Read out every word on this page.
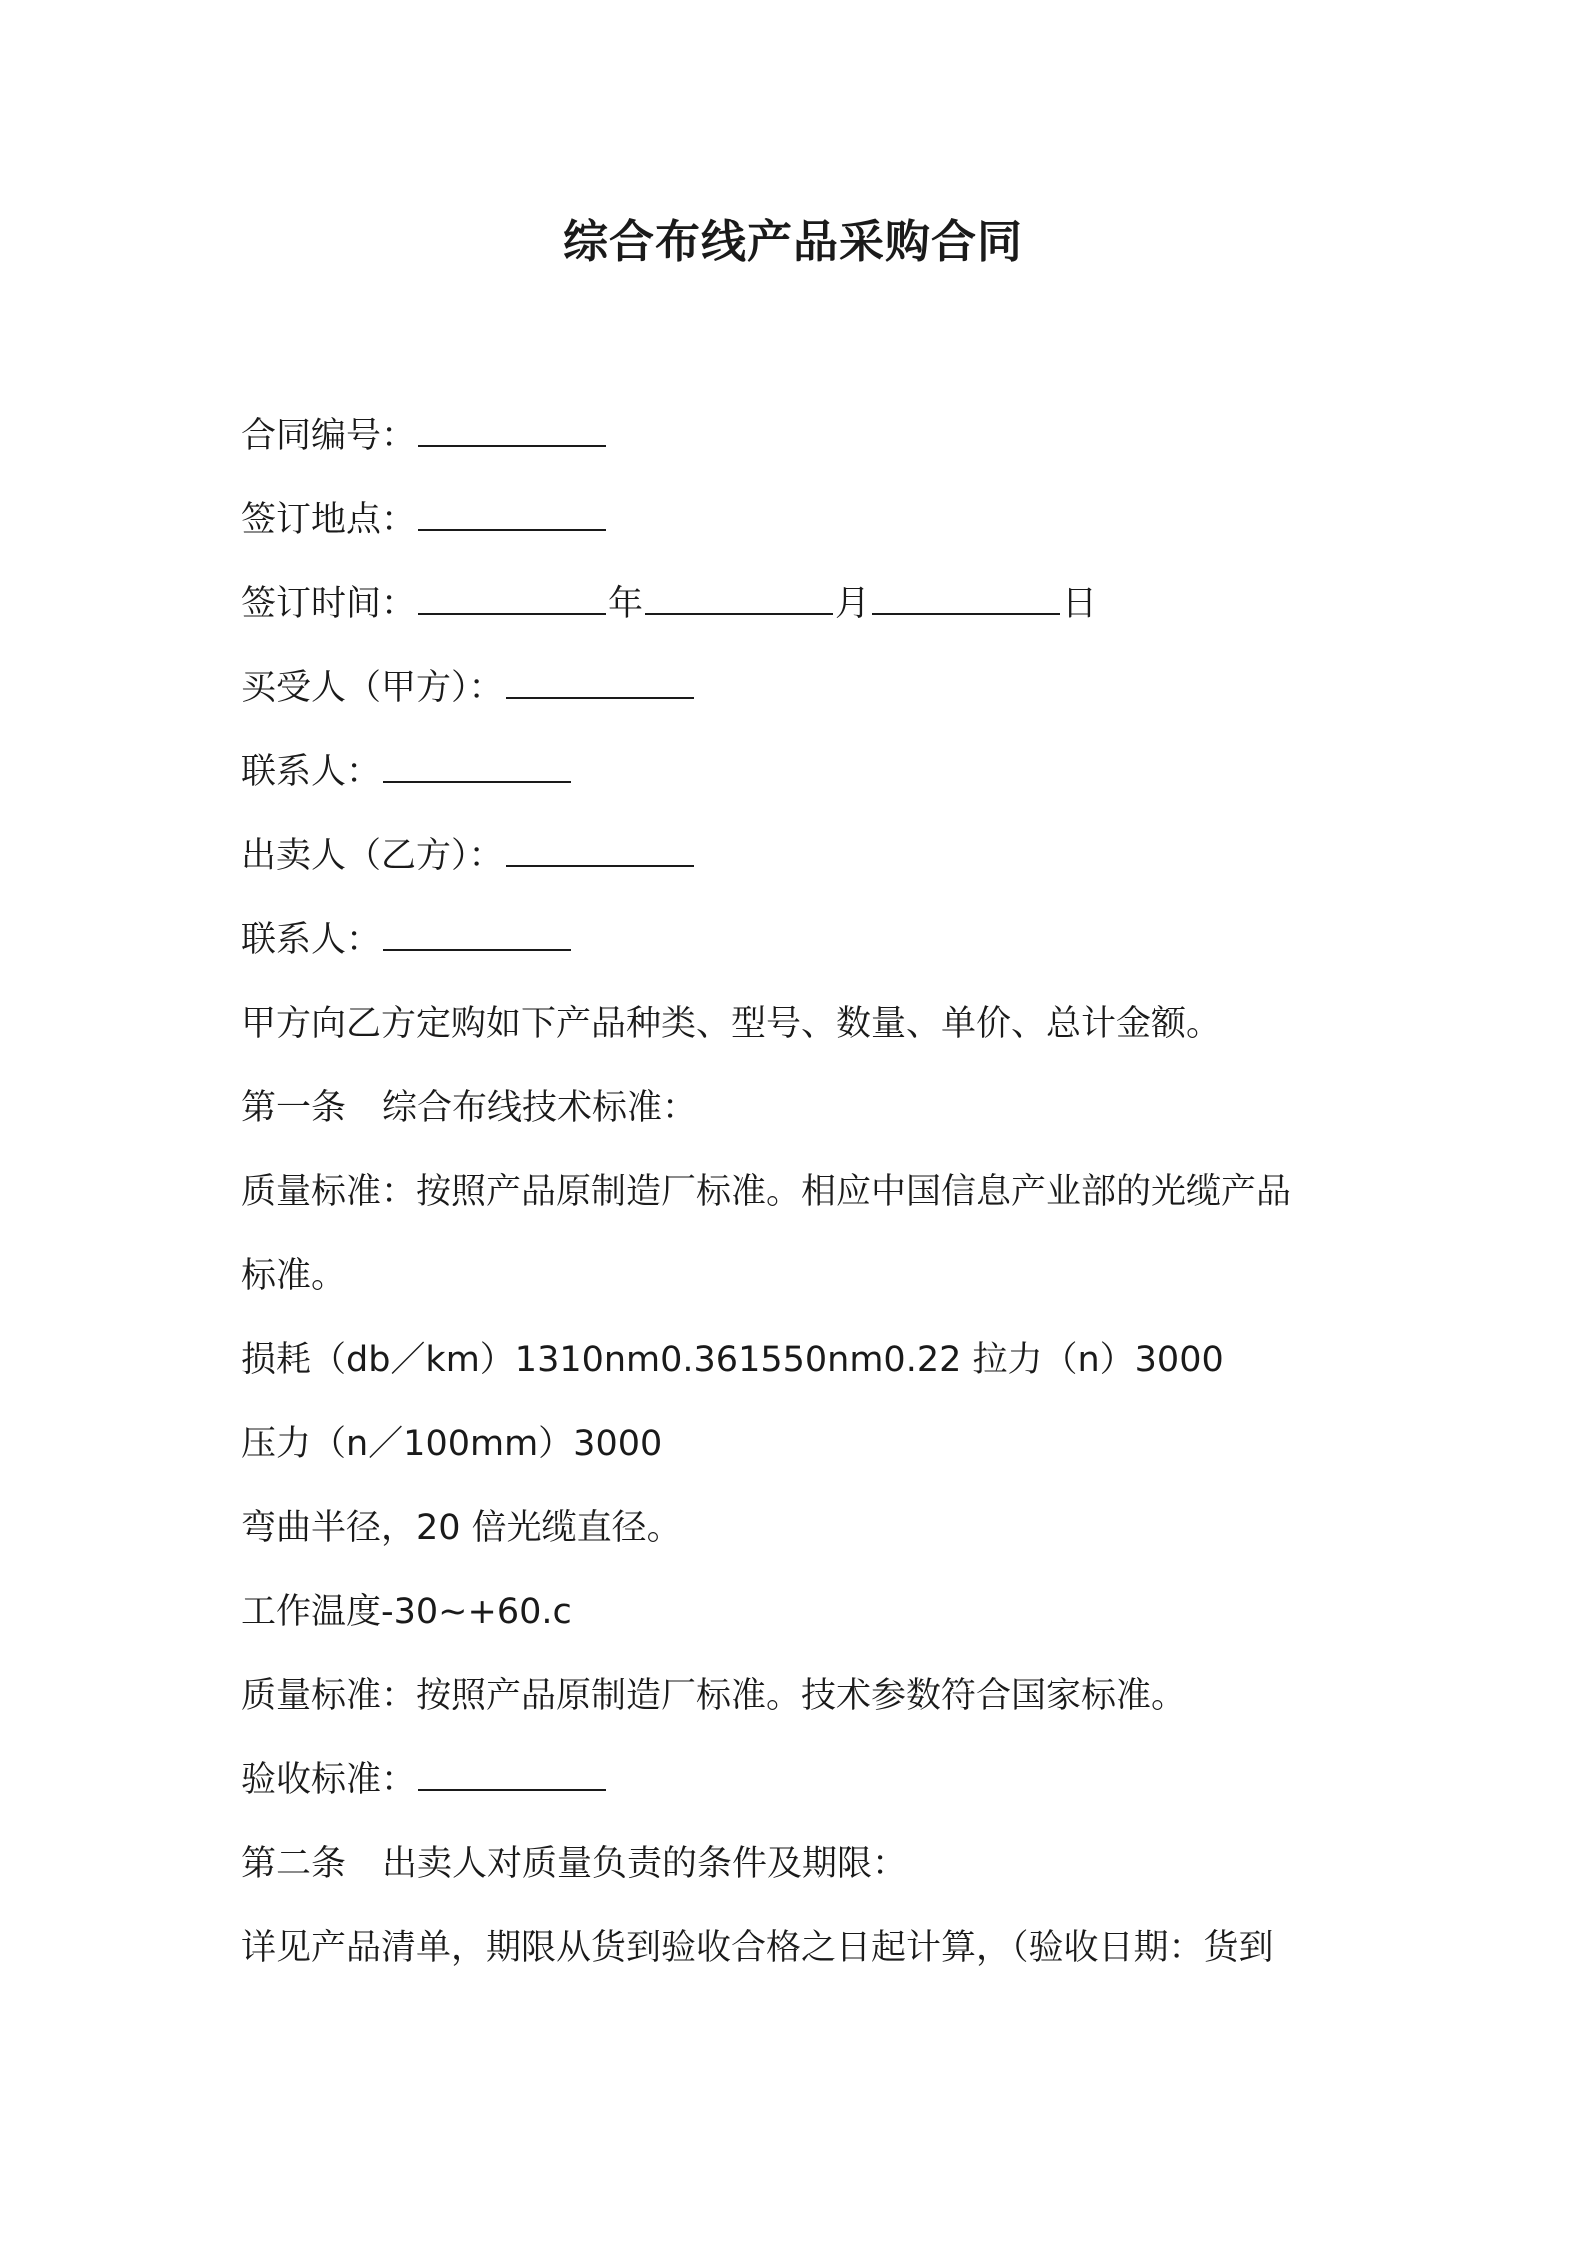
综合布线产品采购合同
合同编号：
签订地点：
签订时间：	年	月	日
买受人（甲方）：
联系人：
出卖人（乙方）：
联系人：
甲方向乙方定购如下产品种类、型号、数量、单价、总计金额。
第一条 综合布线技术标准：
质量标准：按照产品原制造厂标准。相应中国信息产业部的光缆产品
标准。
损耗（db／km）1310nm0.361550nm0.22 拉力（n）3000
压力（n／100mm）3000
弯曲半径，20 倍光缆直径。
工作温度-30~+60.c
质量标准：按照产品原制造厂标准。技术参数符合国家标准。
验收标准：
第二条 出卖人对质量负责的条件及期限：
详见产品清单，期限从货到验收合格之日起计算，（验收日期：货到
